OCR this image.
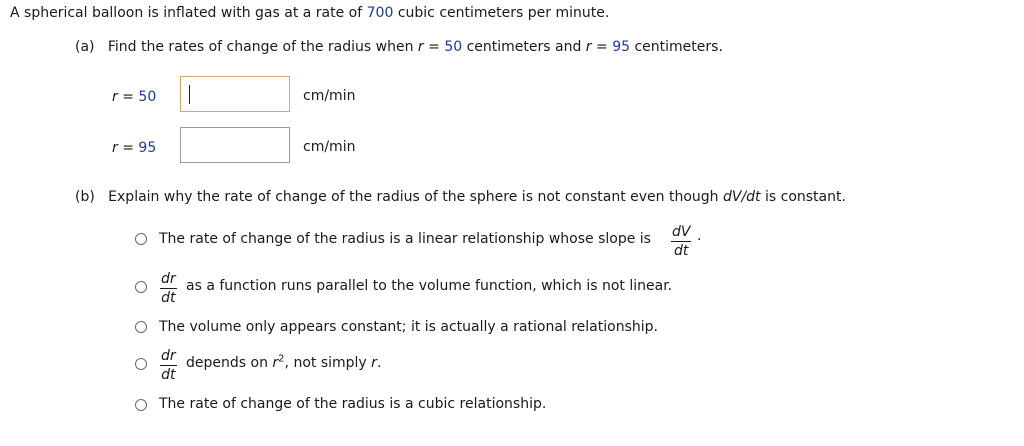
A spherical balloon is inflated with gas at a rate of 700 cubic centimeters per minute.
(a) Find the rates of change of the radius when r = 50 centimeters and r = 95 centimeters.
r = 50	cm/min
r = 95	cm/min
(b) Explain why the rate of change of the radius of the sphere is not constant even though dV/dt is constant.
The rate of change of the radius is a linear relationship whose slope is $\frac{dV}{dt}$ .
$\frac{dr}{dt}$ as a function runs parallel to the volume function, which is not linear.
The volume only appears constant; it is actually a rational relationship.
$\frac{dr}{dt}$ depends on $r^2$, not simply r.
The rate of change of the radius is a cubic relationship.
